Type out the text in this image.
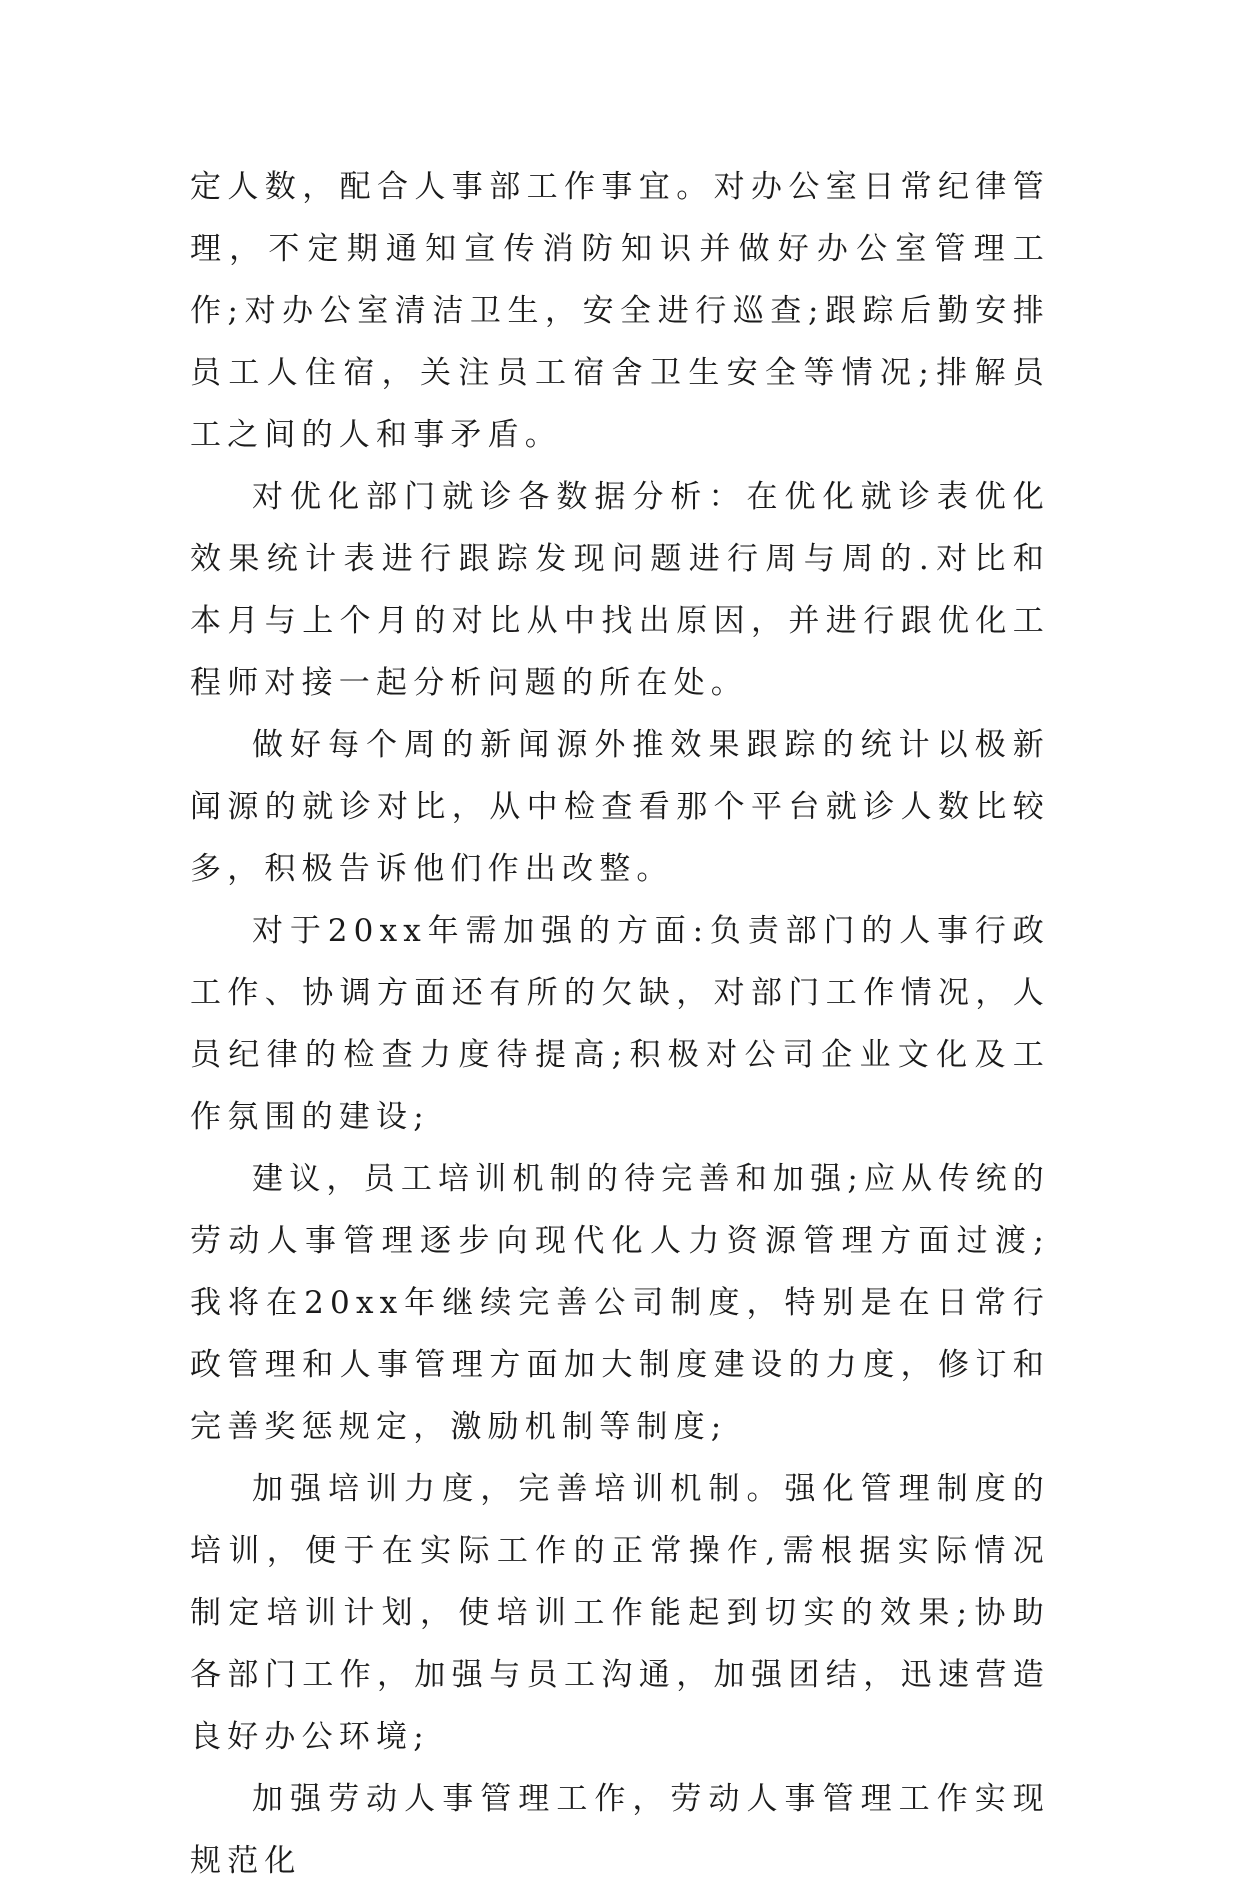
定人数，配合人事部工作事宜。对办公室日常纪律管理，不定期通知宣传消防知识并做好办公室管理工作;对办公室清洁卫生，安全进行巡查;跟踪后勤安排员工人住宿，关注员工宿舍卫生安全等情况;排解员工之间的人和事矛盾。

对优化部门就诊各数据分析：在优化就诊表优化效果统计表进行跟踪发现问题进行周与周的.对比和本月与上个月的对比从中找出原因，并进行跟优化工程师对接一起分析问题的所在处。

做好每个周的新闻源外推效果跟踪的统计以极新闻源的就诊对比，从中检查看那个平台就诊人数比较多，积极告诉他们作出改整。

对于20xx年需加强的方面:负责部门的人事行政工作、协调方面还有所的欠缺，对部门工作情况，人员纪律的检查力度待提高;积极对公司企业文化及工作氛围的建设;

建议，员工培训机制的待完善和加强;应从传统的劳动人事管理逐步向现代化人力资源管理方面过渡;我将在20xx年继续完善公司制度，特别是在日常行政管理和人事管理方面加大制度建设的力度，修订和完善奖惩规定，激励机制等制度;

加强培训力度，完善培训机制。强化管理制度的培训，便于在实际工作的正常操作,需根据实际情况制定培训计划，使培训工作能起到切实的效果;协助各部门工作，加强与员工沟通，加强团结，迅速营造良好办公环境;

加强劳动人事管理工作，劳动人事管理工作实现规范化
